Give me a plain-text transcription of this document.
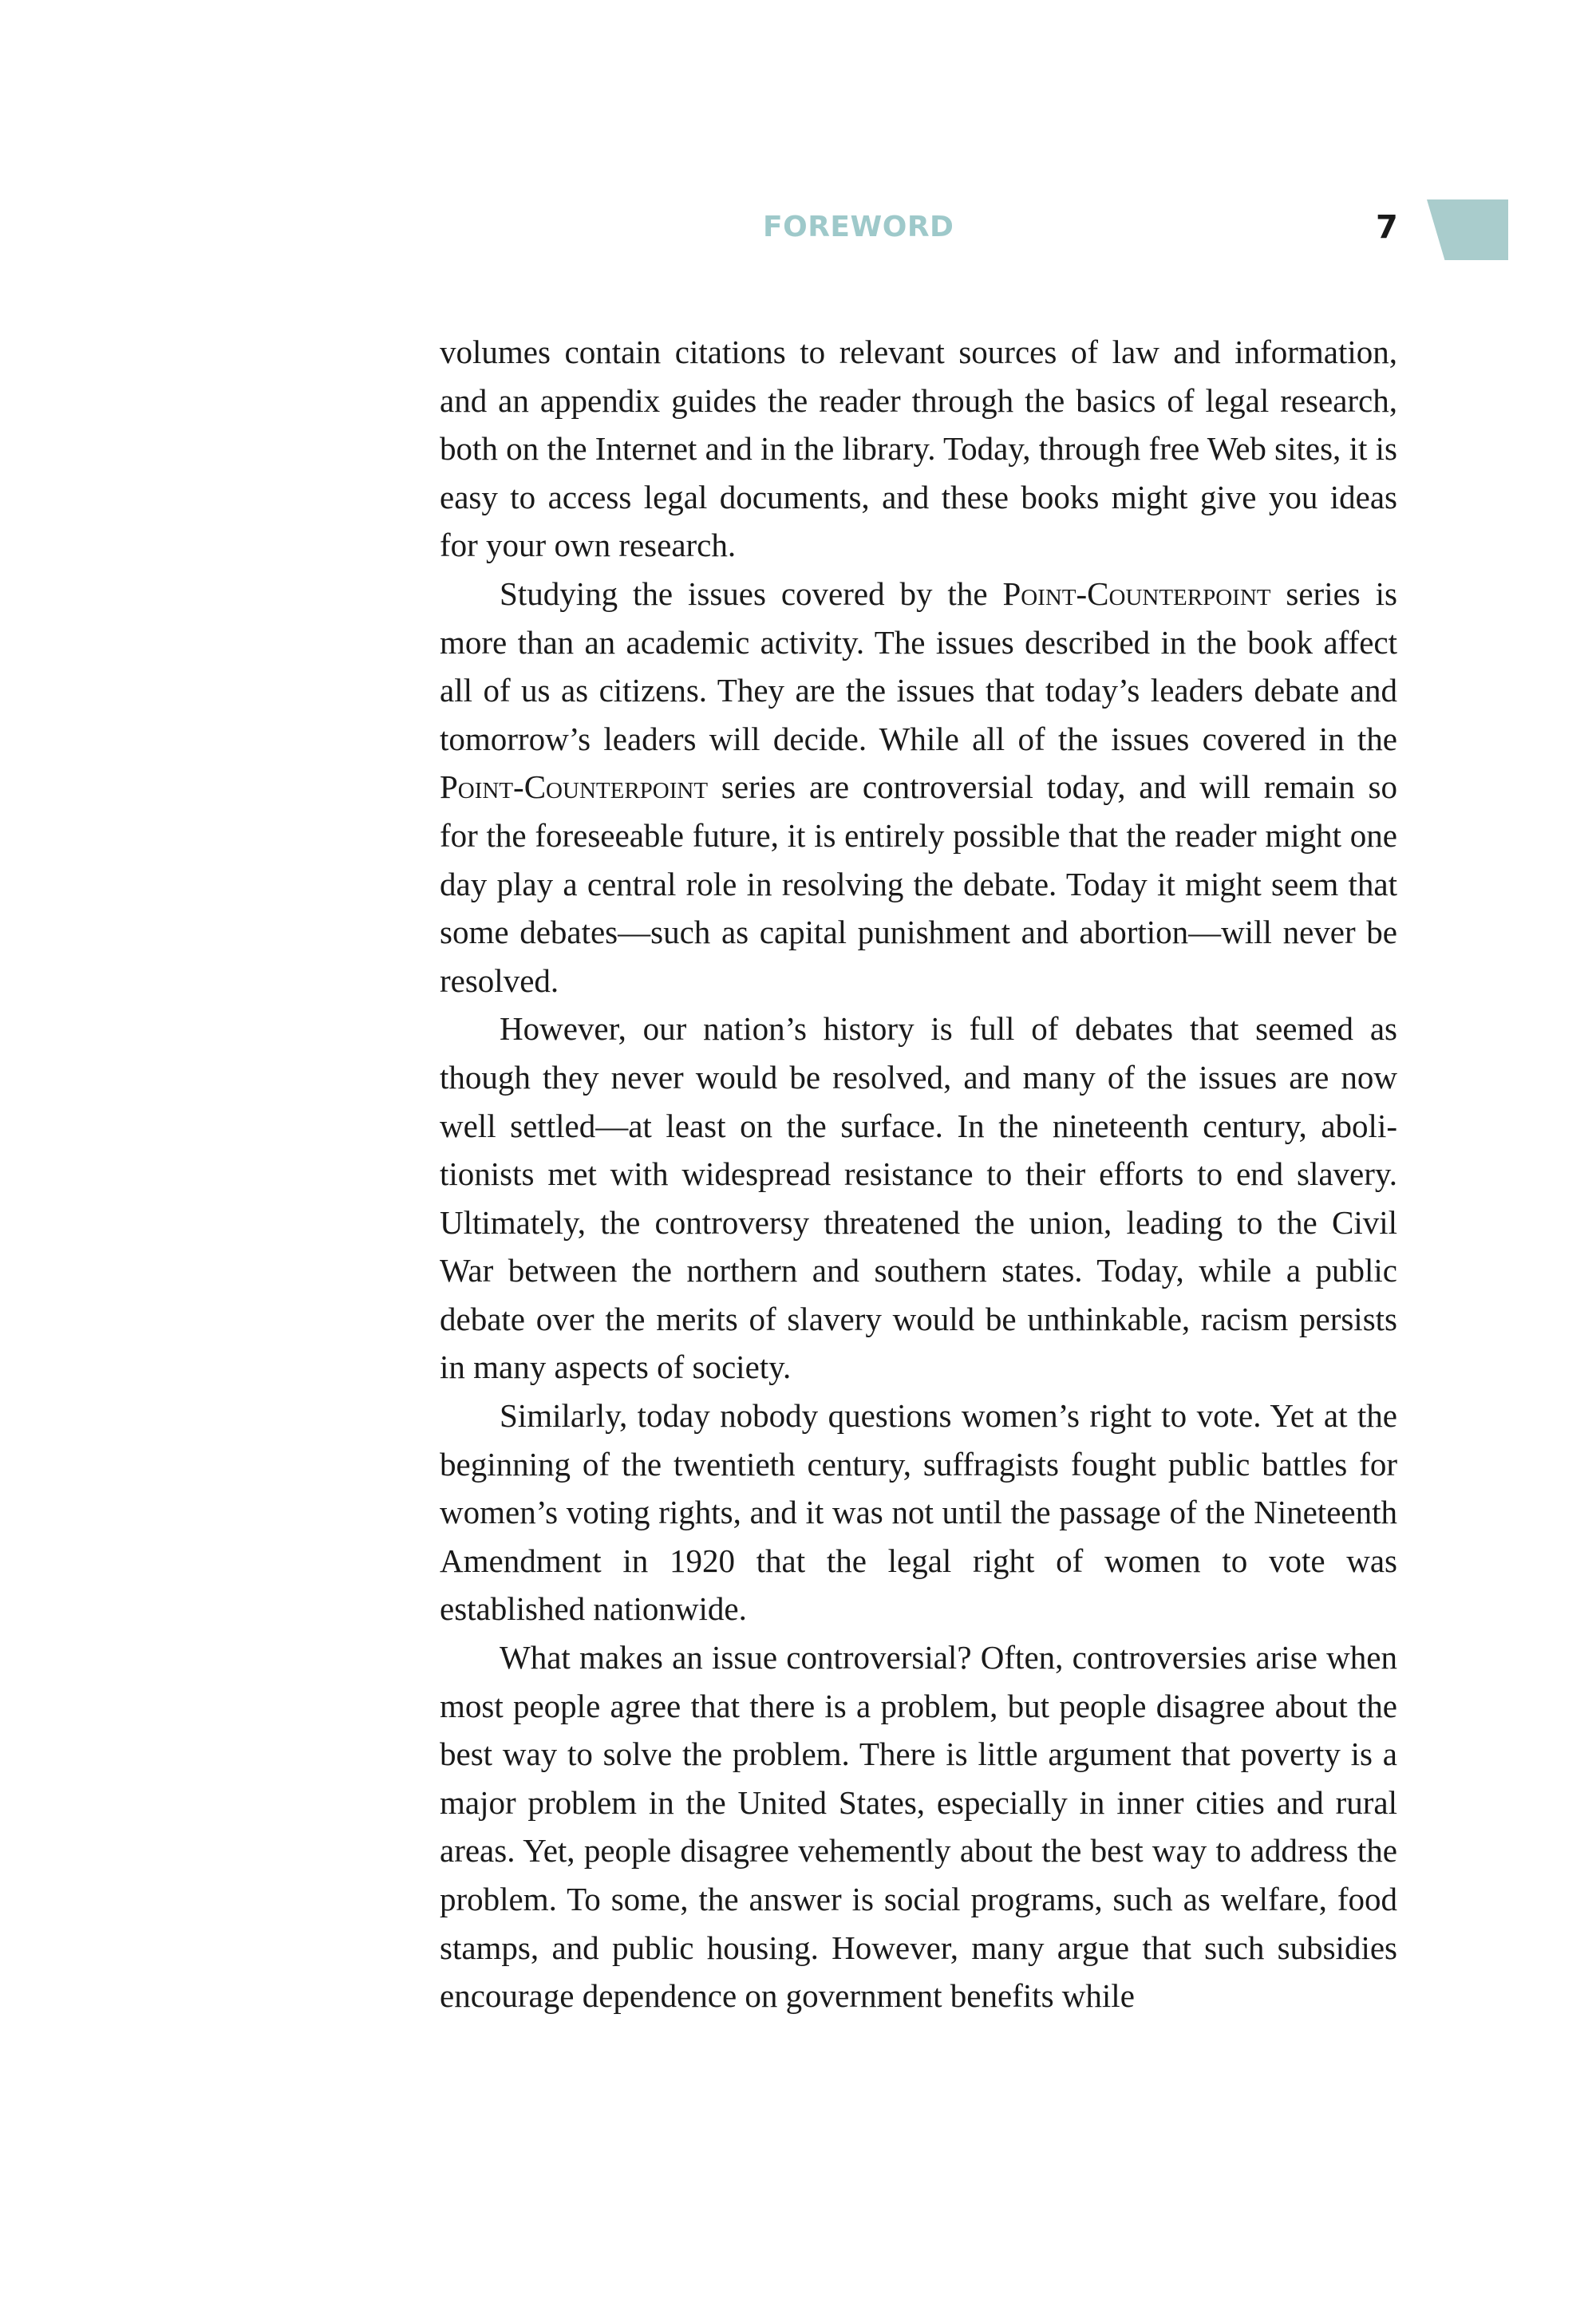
FOREWORD	7

volumes contain citations to relevant sources of law and information, and an appendix guides the reader through the basics of legal research, both on the Internet and in the library. Today, through free Web sites, it is easy to access legal documents, and these books might give you ideas for your own research.

Studying the issues covered by the Point-Counterpoint series is more than an academic activity. The issues described in the book affect all of us as citizens. They are the issues that today’s leaders debate and tomorrow’s leaders will decide. While all of the issues covered in the Point-Counterpoint series are controversial today, and will remain so for the foreseeable future, it is entirely possible that the reader might one day play a central role in resolving the debate. Today it might seem that some debates—such as capital punishment and abortion—will never be resolved.

However, our nation’s history is full of debates that seemed as though they never would be resolved, and many of the issues are now well settled—at least on the surface. In the nineteenth century, abolitionists met with widespread resistance to their efforts to end slavery. Ultimately, the controversy threatened the union, leading to the Civil War between the northern and southern states. Today, while a public debate over the merits of slavery would be unthinkable, racism persists in many aspects of society.

Similarly, today nobody questions women’s right to vote. Yet at the beginning of the twentieth century, suffragists fought public battles for women’s voting rights, and it was not until the passage of the Nineteenth Amendment in 1920 that the legal right of women to vote was established nationwide.

What makes an issue controversial? Often, controversies arise when most people agree that there is a problem, but people disagree about the best way to solve the problem. There is little argument that poverty is a major problem in the United States, especially in inner cities and rural areas. Yet, people disagree vehemently about the best way to address the problem. To some, the answer is social programs, such as welfare, food stamps, and public housing. However, many argue that such subsidies encourage dependence on government benefits while
